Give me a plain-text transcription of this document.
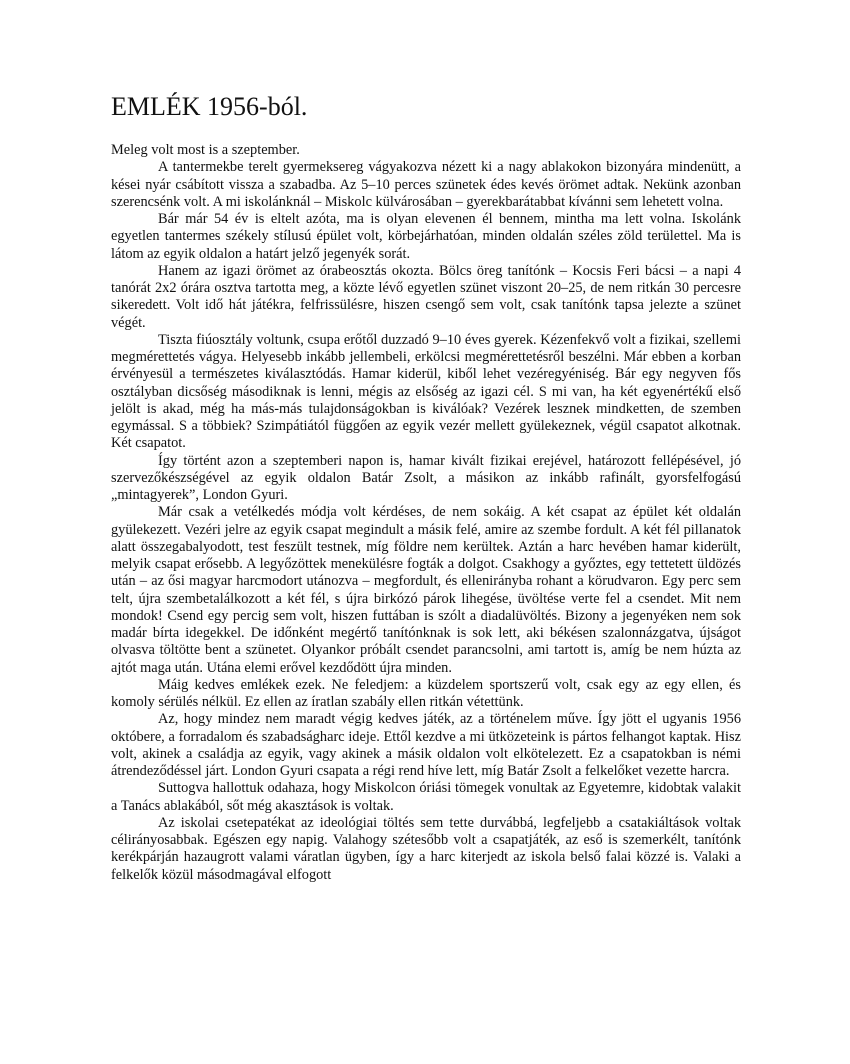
EMLÉK 1956-ból.

Meleg volt most is a szeptember.

A tantermekbe terelt gyermeksereg vágyakozva nézett ki a nagy ablakokon bizonyára mindenütt, a kései nyár csábított vissza a szabadba. Az 5–10 perces szünetek édes kevés örömet adtak. Nekünk azonban szerencsénk volt. A mi iskolánknál – Miskolc külvárosában – gyerekbarátabbat kívánni sem lehetett volna.

Bár már 54 év is eltelt azóta, ma is olyan elevenen él bennem, mintha ma lett volna. Iskolánk egyetlen tantermes székely stílusú épület volt, körbejárhatóan, minden oldalán széles zöld területtel. Ma is látom az egyik oldalon a határt jelző jegenyék sorát.

Hanem az igazi örömet az órabeosztás okozta. Bölcs öreg tanítónk – Kocsis Feri bácsi – a napi 4 tanórát 2x2 órára osztva tartotta meg, a közte lévő egyetlen szünet viszont 20–25, de nem ritkán 30 percesre sikeredett. Volt idő hát játékra, felfrissülésre, hiszen csengő sem volt, csak tanítónk tapsa jelezte a szünet végét.

Tiszta fiúosztály voltunk, csupa erőtől duzzadó 9–10 éves gyerek. Kézenfekvő volt a fizikai, szellemi megmérettetés vágya. Helyesebb inkább jellembeli, erkölcsi megmérettetésről beszélni. Már ebben a korban érvényesül a természetes kiválasztódás. Hamar kiderül, kiből lehet vezéregyéniség. Bár egy negyven fős osztályban dicsőség másodiknak is lenni, mégis az elsőség az igazi cél. S mi van, ha két egyenértékű első jelölt is akad, még ha más-más tulajdonságokban is kiválóak? Vezérek lesznek mindketten, de szemben egymással. S a többiek? Szimpátiától függően az egyik vezér mellett gyülekeznek, végül csapatot alkotnak. Két csapatot.

Így történt azon a szeptemberi napon is, hamar kivált fizikai erejével, határozott fellépésével, jó szervezőkészségével az egyik oldalon Batár Zsolt, a másikon az inkább rafinált, gyorsfelfogású „mintagyerek”, London Gyuri.

Már csak a vetélkedés módja volt kérdéses, de nem sokáig. A két csapat az épület két oldalán gyülekezett. Vezéri jelre az egyik csapat megindult a másik felé, amire az szembe fordult. A két fél pillanatok alatt összegabalyodott, test feszült testnek, míg földre nem kerültek. Aztán a harc hevében hamar kiderült, melyik csapat erősebb. A legyőzöttek menekülésre fogták a dolgot. Csakhogy a győztes, egy tettetett üldözés után – az ősi magyar harcmodort utánozva – megfordult, és ellenirányba rohant a körudvaron. Egy perc sem telt, újra szembetalálkozott a két fél, s újra birkózó párok lihegése, üvöltése verte fel a csendet. Mit nem mondok! Csend egy percig sem volt, hiszen futtában is szólt a diadalüvöltés. Bizony a jegenyéken nem sok madár bírta idegekkel. De időnként megértő tanítónknak is sok lett, aki békésen szalonnázgatva, újságot olvasva töltötte bent a szünetet. Olyankor próbált csendet parancsolni, ami tartott is, amíg be nem húzta az ajtót maga után. Utána elemi erővel kezdődött újra minden.

Máig kedves emlékek ezek. Ne feledjem: a küzdelem sportszerű volt, csak egy az egy ellen, és komoly sérülés nélkül. Ez ellen az íratlan szabály ellen ritkán vétettünk.

Az, hogy mindez nem maradt végig kedves játék, az a történelem műve. Így jött el ugyanis 1956 októbere, a forradalom és szabadságharc ideje. Ettől kezdve a mi ütközeteink is pártos felhangot kaptak. Hisz volt, akinek a családja az egyik, vagy akinek a másik oldalon volt elkötelezett. Ez a csapatokban is némi átrendeződéssel járt. London Gyuri csapata a régi rend híve lett, míg Batár Zsolt a felkelőket vezette harcra.

Suttogva hallottuk odahaza, hogy Miskolcon óriási tömegek vonultak az Egyetemre, kidobtak valakit a Tanács ablakából, sőt még akasztások is voltak.

Az iskolai csetepatékat az ideológiai töltés sem tette durvábbá, legfeljebb a csatakiáltások voltak célirányosabbak. Egészen egy napig. Valahogy szétesőbb volt a csapatjáték, az eső is szemerkélt, tanítónk kerékpárján hazaugrott valami váratlan ügyben, így a harc kiterjedt az iskola belső falai közzé is. Valaki a felkelők közül másodmagával elfogott
